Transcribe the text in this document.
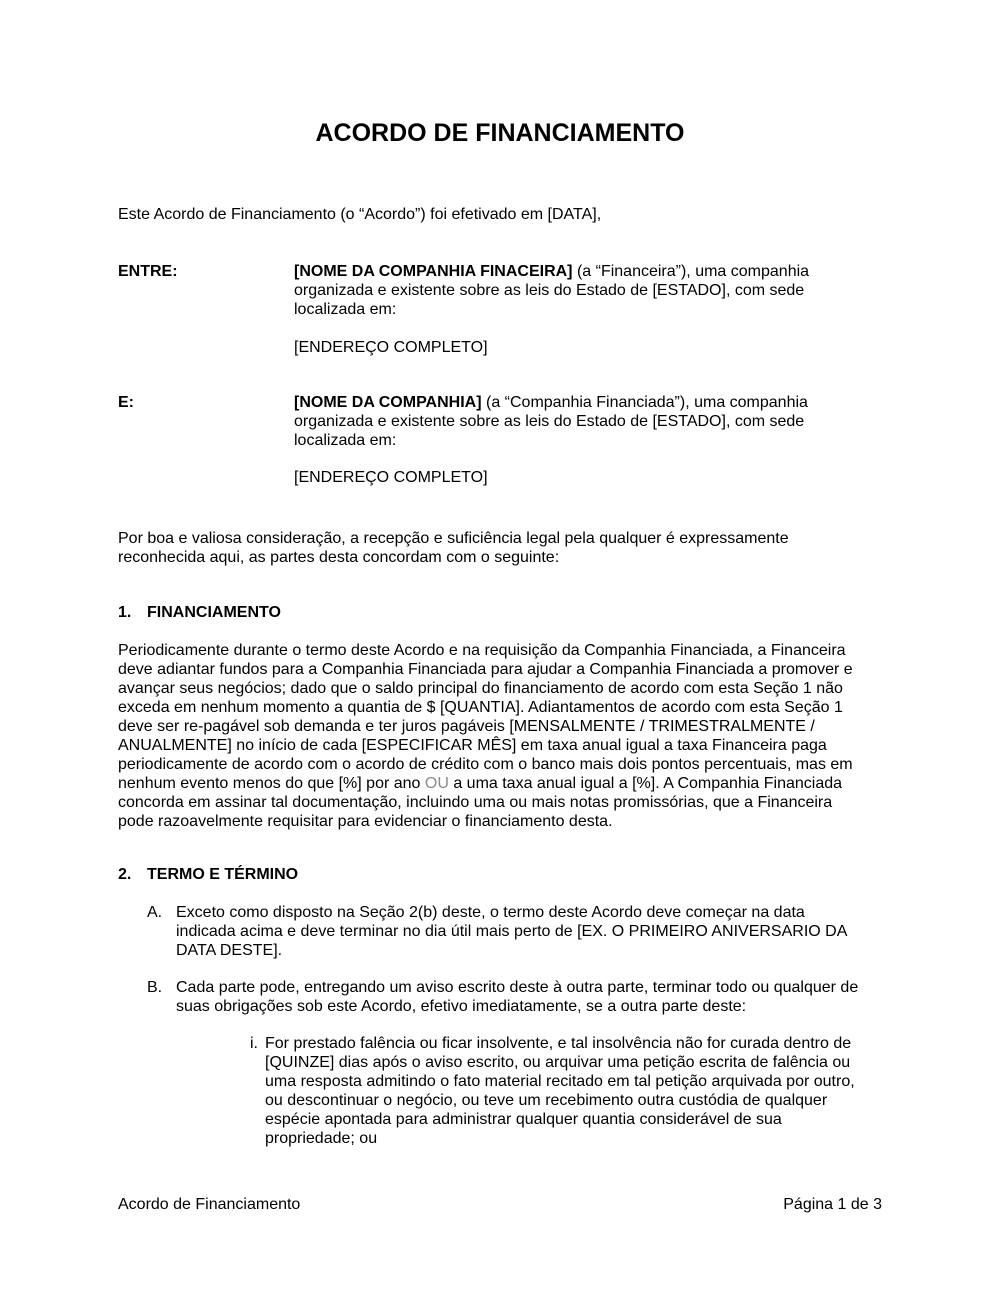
ACORDO DE FINANCIAMENTO
Este Acordo de Financiamento (o “Acordo”) foi efetivado em [DATA],
ENTRE:	[NOME DA COMPANHIA FINACEIRA] (a “Financeira”), uma companhia
organizada e existente sobre as leis do Estado de [ESTADO], com sede
localizada em:
[ENDEREÇO COMPLETO]
E:	[NOME DA COMPANHIA] (a “Companhia Financiada”), uma companhia
organizada e existente sobre as leis do Estado de [ESTADO], com sede
localizada em:
[ENDEREÇO COMPLETO]
Por boa e valiosa consideração, a recepção e suficiência legal pela qualquer é expressamente
reconhecida aqui, as partes desta concordam com o seguinte:
1. FINANCIAMENTO
Periodicamente durante o termo deste Acordo e na requisição da Companhia Financiada, a Financeira
deve adiantar fundos para a Companhia Financiada para ajudar a Companhia Financiada a promover e
avançar seus negócios; dado que o saldo principal do financiamento de acordo com esta Seção 1 não
exceda em nenhum momento a quantia de $ [QUANTIA]. Adiantamentos de acordo com esta Seção 1
deve ser re-pagável sob demanda e ter juros pagáveis [MENSALMENTE / TRIMESTRALMENTE /
ANUALMENTE] no início de cada [ESPECIFICAR MÊS] em taxa anual igual a taxa Financeira paga
periodicamente de acordo com o acordo de crédito com o banco mais dois pontos percentuais, mas em
nenhum evento menos do que [%] por ano OU a uma taxa anual igual a [%]. A Companhia Financiada
concorda em assinar tal documentação, incluindo uma ou mais notas promissórias, que a Financeira
pode razoavelmente requisitar para evidenciar o financiamento desta.
2. TERMO E TÉRMINO
A. Exceto como disposto na Seção 2(b) deste, o termo deste Acordo deve começar na data
indicada acima e deve terminar no dia útil mais perto de [EX. O PRIMEIRO ANIVERSARIO DA
DATA DESTE].
B. Cada parte pode, entregando um aviso escrito deste à outra parte, terminar todo ou qualquer de
suas obrigações sob este Acordo, efetivo imediatamente, se a outra parte deste:
i. For prestado falência ou ficar insolvente, e tal insolvência não for curada dentro de
[QUINZE] dias após o aviso escrito, ou arquivar uma petição escrita de falência ou
uma resposta admitindo o fato material recitado em tal petição arquivada por outro,
ou descontinuar o negócio, ou teve um recebimento outra custódia de qualquer
espécie apontada para administrar qualquer quantia considerável de sua
propriedade; ou
Acordo de Financiamento	Página 1 de 3
